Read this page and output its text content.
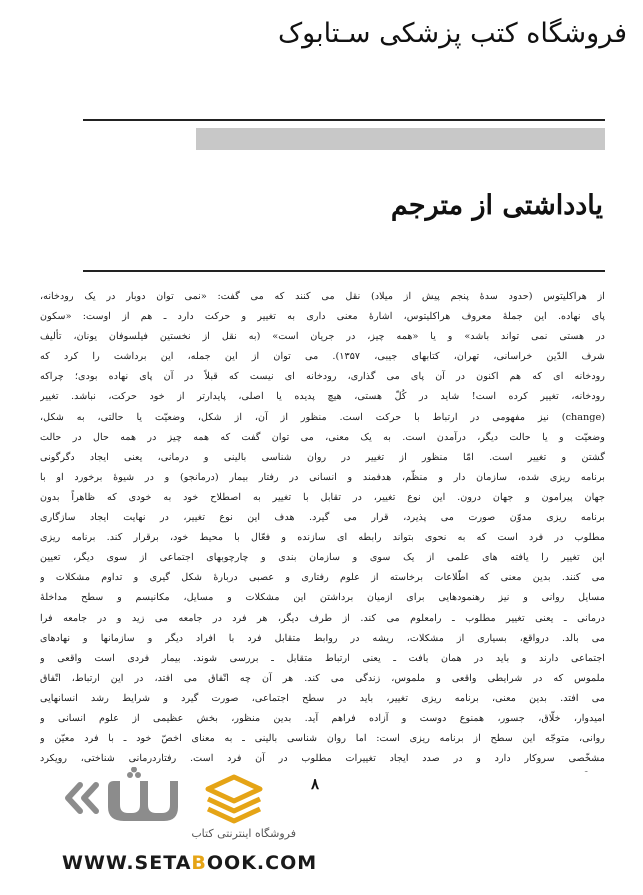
فروشگاه کتب پزشکی سـتابوک
یادداشتی از مترجم
از هراکلیتوس (حدود سدۀ پنجم پیش از میلاد) نقل می کنند که می گفت: «نمی توان دوبار در یک رودخانه،
پای نهاده. این جملۀ معروف هراکلیتوس، اشارۀ معنی داری به تغییر و حرکت دارد ـ هم از اوست: «سکون
در هستی نمی تواند باشد» و یا «همه چیز، در جریان است» (به نقل از نخستین فیلسوفان یونان، تألیف
شرف الدّین خراسانی، تهران، کتابهای جیبی، ۱۳۵۷). می توان از این جمله، این برداشت را کرد که
رودخانه ای که هم اکنون در آن پای می گذاری، رودخانه ای نیست که قبلاً در آن پای نهاده بودی؛ چراکه
رودخانه، تغییر کرده است! شاید در کُلّ هستی، هیچ پدیده یا اصلی، پایدارتر از خود حرکت، نباشد. تغییر
(change) نیز مفهومی در ارتباط با حرکت است. منظور از آن، از شکل، وضعیّت یا حالتی، به شکل،
وضعیّت و یا حالت دیگر، درآمدن است. به یک معنی، می توان گفت که همه چیز در همه حال در حالت
گشتن و تغییر است. امّا منظور از تغییر در روان شناسی بالینی و درمانی، یعنی ایجاد دگرگونی
برنامه ریزی شده، سازمان دار و منظّم، هدفمند و انسانی در رفتار بیمار (درمانجو) و در شیوۀ برخورد او با
جهان پیرامون و جهان درون. این نوع تغییر، در تقابل با تغییر به اصطلاح خود به خودی که ظاهراً بدون
برنامه ریزی مدوّن صورت می پذیرد، قرار می گیرد. هدف این نوع تغییر، در نهایت ایجاد سازگاری
مطلوب در فرد است که به نحوی بتواند رابطه ای سازنده و فعّال با محیط خود، برقرار کند. برنامه ریزی
این تغییر را یافته های علمی از یک سوی و سازمان بندی و چارچوبهای اجتماعی از سوی دیگر، تعیین
می کنند. بدین معنی که اطّلاعات برخاسته از علوم رفتاری و عصبی دربارۀ شکل گیری و تداوم مشکلات و
مسایل روانی و نیز رهنمودهایی برای ازمیان برداشتن این مشکلات و مسایل، مکانیسم و سطح مداخلۀ
درمانی ـ یعنی تغییر مطلوب ـ رامعلوم می کند. از طرف دیگر، هر فرد در جامعه می زید و در جامعه فرا
می بالد. درواقع، بسیاری از مشکلات، ریشه در روابط متقابل فرد با افراد دیگر و سازمانها و نهادهای
اجتماعی دارند و باید در همان بافت ـ یعنی ارتباط متقابل ـ بررسی شوند. بیمار فردی است واقعی و
ملموس که در شرایطی واقعی و ملموس، زندگی می کند. هر آن چه اتّفاق می افتد، در این ارتباط، اتّفاق
می افتد. بدین معنی، برنامه ریزی تغییر، باید در سطح اجتماعی، صورت گیرد و شرایط رشد انسانهایی
امیدوار، خلّاق، جسور، همنوع دوست و آزاده فراهم آید. بدین منظور، بخش عظیمی از علوم انسانی و
روانی، متوجّه این سطح از برنامه ریزی است: اما روان شناسی بالینی ـ به معنای اخصّ خود ـ با فرد معیّن و
مشخّصی سروکار دارد و در صدد ایجاد تغییرات مطلوب در آن فرد است. رفتاردرمانی شناختی، رویکرد
۸
فروشگاه اینترنتی کتاب
WWW.SETABOOK.COM
